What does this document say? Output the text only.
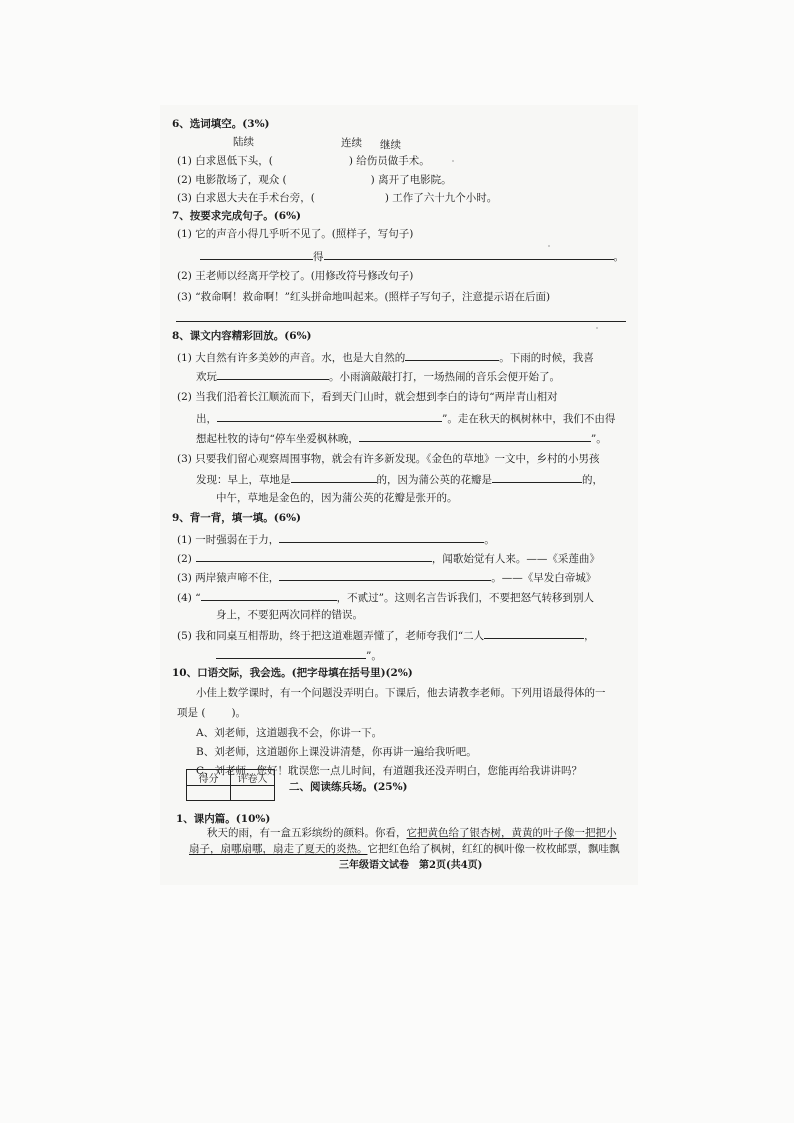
6、选词填空。(3%)
陆续	连续 继续
(1) 白求恩低下头，(	) 给伤员做手术。
(2) 电影散场了，观众 (	) 离开了电影院。
(3) 白求恩大夫在手术台旁，(	) 工作了六十九个小时。
7、按要求完成句子。(6%)
(1) 它的声音小得几乎听不见了。(照样子，写句子)
得	。
(2) 王老师以经离开学校了。(用修改符号修改句子)
(3) “救命啊！救命啊！”红头拼命地叫起来。(照样子写句子，注意提示语在后面)
8、课文内容精彩回放。(6%)
(1) 大自然有许多美妙的声音。水，也是大自然的	。下雨的时候，我喜
欢玩	。小雨滴敲敲打打，一场热闹的音乐会便开始了。
(2) 当我们沿着长江顺流而下，看到天门山时，就会想到李白的诗句“两岸青山相对
出，	”。走在秋天的枫树林中，我们不由得
想起杜牧的诗句“停车坐爱枫林晚，	”。
(3) 只要我们留心观察周围事物，就会有许多新发现。《金色的草地》一文中，乡村的小男孩
发现：早上，草地是	的，因为蒲公英的花瓣是	的，
中午，草地是金色的，因为蒲公英的花瓣是张开的。
9、背一背，填一填。(6%)
(1) 一时强弱在于力，	。
(2)	，闻歌始觉有人来。——《采莲曲》
(3) 两岸猿声啼不住，	。——《早发白帝城》
(4) “	，不贰过”。这则名言告诉我们，不要把怒气转移到别人
身上，不要犯两次同样的错误。
(5) 我和同桌互相帮助，终于把这道难题弄懂了，老师夸我们“二人	，
”。
10、口语交际，我会选。(把字母填在括号里)(2%)
小佳上数学课时，有一个问题没弄明白。下课后，他去请教李老师。下列用语最得体的一
项是 ( )。
A、刘老师，这道题我不会，你讲一下。
B、刘老师，这道题你上课没讲清楚，你再讲一遍给我听吧。
C、刘老师，您好！耽误您一点儿时间，有道题我还没弄明白，您能再给我讲讲吗？
得分	评卷人

二、阅读练兵场。(25%)
1、课内篇。(10%)
秋天的雨，有一盒五彩缤纷的颜料。你看，它把黄色给了银杏树，黄黄的叶子像一把把小
扇子，扇哪扇哪，扇走了夏天的炎热。它把红色给了枫树，红红的枫叶像一枚枚邮票，飘哇飘
三年级语文试卷　第2页(共4页)
